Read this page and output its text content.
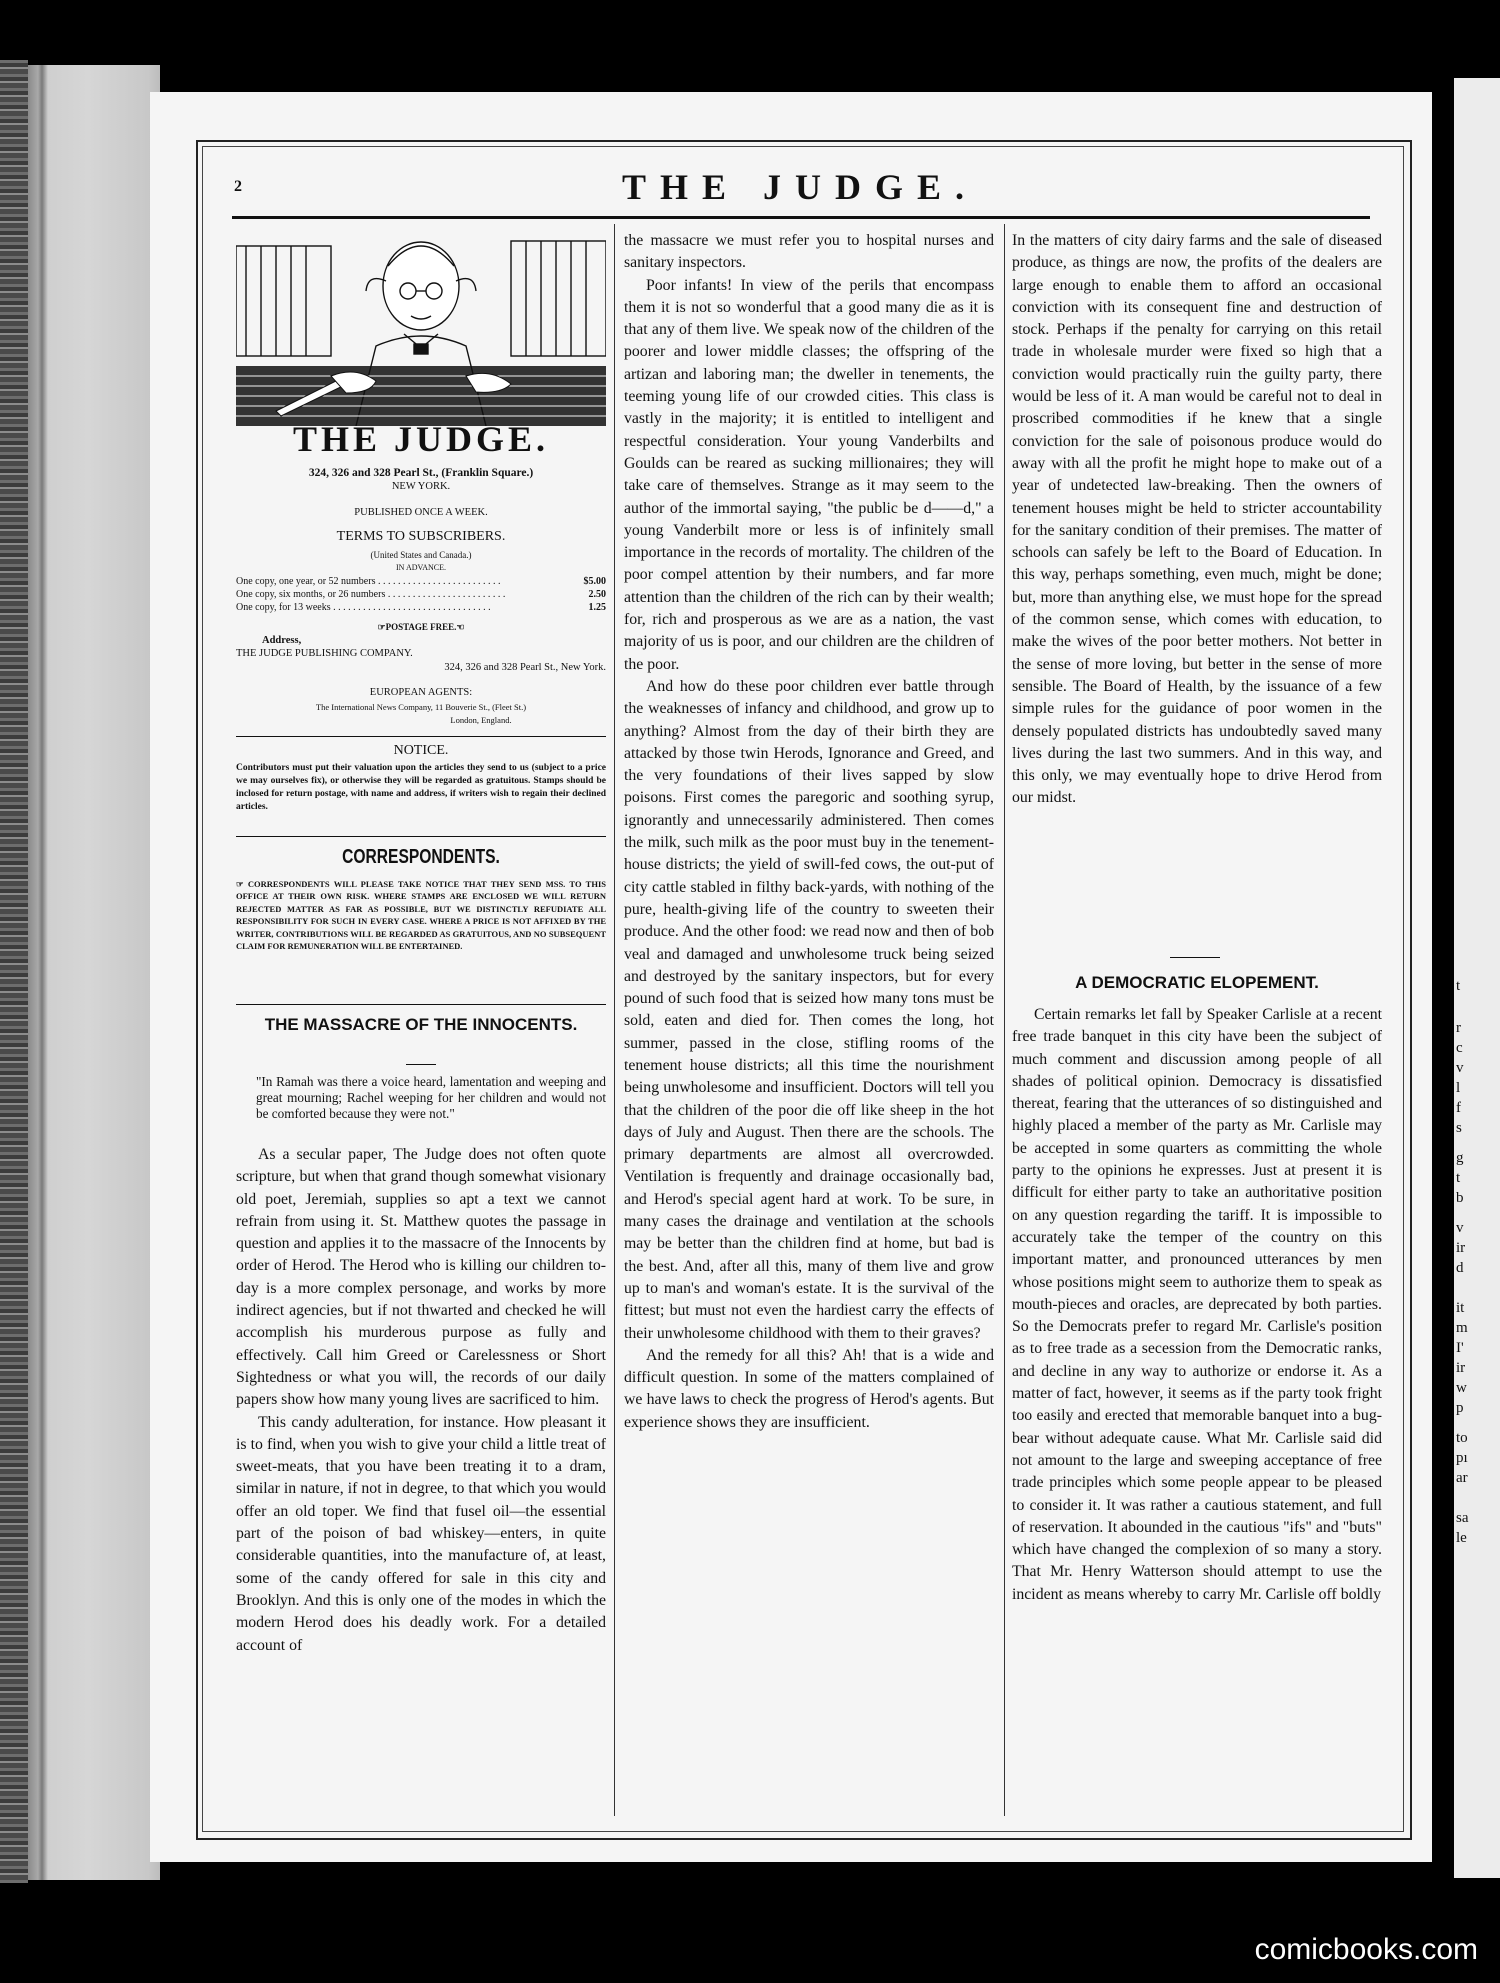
t
r
c
v
l
f
s
g
t
b
v
ir
d
it
m
I'
ir
w
p
to
pı
ar
sa
le
2	THE JUDGE.
THE JUDGE.
324, 326 and 328 Pearl St., (Franklin Square.)
NEW YORK.
PUBLISHED ONCE A WEEK.
TERMS TO SUBSCRIBERS.
(United States and Canada.)
IN ADVANCE.
One copy, one year, or 52 numbers . . . . . . . . . . . . . . . . . . . . . . . . .	$5.00
One copy, six months, or 26 numbers . . . . . . . . . . . . . . . . . . . . . . . .	2.50
One copy, for 13 weeks . . . . . . . . . . . . . . . . . . . . . . . . . . . . . . . .	1.25
☞POSTAGE FREE.☜
Address,
THE JUDGE PUBLISHING COMPANY.
324, 326 and 328 Pearl St., New York.
EUROPEAN AGENTS:
The International News Company, 11 Bouverie St., (Fleet St.)
London, England.
NOTICE.
Contributors must put their valuation upon the articles they send to us (subject to a price we may ourselves fix), or otherwise they will be regarded as gratuitous. Stamps should be inclosed for return postage, with name and address, if writers wish to regain their declined articles.
CORRESPONDENTS.
☞ CORRESPONDENTS WILL PLEASE TAKE NOTICE THAT THEY SEND MSS. TO THIS OFFICE AT THEIR OWN RISK. WHERE STAMPS ARE ENCLOSED WE WILL RETURN REJECTED MATTER AS FAR AS POSSIBLE, BUT WE DISTINCTLY REFUDIATE ALL RESPONSIBILITY FOR SUCH IN EVERY CASE. WHERE A PRICE IS NOT AFFIXED BY THE WRITER, CONTRIBUTIONS WILL BE REGARDED AS GRATUITOUS, AND NO SUBSEQUENT CLAIM FOR REMUNERATION WILL BE ENTERTAINED.
THE MASSACRE OF THE INNOCENTS.
"In Ramah was there a voice heard, lamentation and weeping and great mourning; Rachel weeping for her children and would not be comforted because they were not."

As a secular paper, The Judge does not often quote scripture, but when that grand though somewhat visionary old poet, Jeremiah, supplies so apt a text we cannot refrain from using it. St. Matthew quotes the passage in question and applies it to the massacre of the Innocents by order of Herod. The Herod who is killing our children to-day is a more complex personage, and works by more indirect agencies, but if not thwarted and checked he will accomplish his murderous purpose as fully and effectively. Call him Greed or Carelessness or Short Sightedness or what you will, the records of our daily papers show how many young lives are sacrificed to him.

This candy adulteration, for instance. How pleasant it is to find, when you wish to give your child a little treat of sweet-meats, that you have been treating it to a dram, similar in nature, if not in degree, to that which you would offer an old toper. We find that fusel oil—the essential part of the poison of bad whiskey—enters, in quite considerable quantities, into the manufacture of, at least, some of the candy offered for sale in this city and Brooklyn. And this is only one of the modes in which the modern Herod does his deadly work. For a detailed account of

the massacre we must refer you to hospital nurses and sanitary inspectors.

Poor infants! In view of the perils that encompass them it is not so wonderful that a good many die as it is that any of them live. We speak now of the children of the poorer and lower middle classes; the offspring of the artizan and laboring man; the dweller in tenements, the teeming young life of our crowded cities. This class is vastly in the majority; it is entitled to intelligent and respectful consideration. Your young Vanderbilts and Goulds can be reared as sucking millionaires; they will take care of themselves. Strange as it may seem to the author of the immortal saying, "the public be d——d," a young Vanderbilt more or less is of infinitely small importance in the records of mortality. The children of the poor compel attention by their numbers, and far more attention than the children of the rich can by their wealth; for, rich and prosperous as we are as a nation, the vast majority of us is poor, and our children are the children of the poor.

And how do these poor children ever battle through the weaknesses of infancy and childhood, and grow up to anything? Almost from the day of their birth they are attacked by those twin Herods, Ignorance and Greed, and the very foundations of their lives sapped by slow poisons. First comes the paregoric and soothing syrup, ignorantly and unnecessarily administered. Then comes the milk, such milk as the poor must buy in the tenement-house districts; the yield of swill-fed cows, the out-put of city cattle stabled in filthy back-yards, with nothing of the pure, health-giving life of the country to sweeten their produce. And the other food: we read now and then of bob veal and damaged and unwholesome truck being seized and destroyed by the sanitary inspectors, but for every pound of such food that is seized how many tons must be sold, eaten and died for. Then comes the long, hot summer, passed in the close, stifling rooms of the tenement house districts; all this time the nourishment being unwholesome and insufficient. Doctors will tell you that the children of the poor die off like sheep in the hot days of July and August. Then there are the schools. The primary departments are almost all overcrowded. Ventilation is frequently and drainage occasionally bad, and Herod's special agent hard at work. To be sure, in many cases the drainage and ventilation at the schools may be better than the children find at home, but bad is the best. And, after all this, many of them live and grow up to man's and woman's estate. It is the survival of the fittest; but must not even the hardiest carry the effects of their unwholesome childhood with them to their graves?

And the remedy for all this? Ah! that is a wide and difficult question. In some of the matters complained of we have laws to check the progress of Herod's agents. But experience shows they are insufficient.

In the matters of city dairy farms and the sale of diseased produce, as things are now, the profits of the dealers are large enough to enable them to afford an occasional conviction with its consequent fine and destruction of stock. Perhaps if the penalty for carrying on this retail trade in wholesale murder were fixed so high that a conviction would practically ruin the guilty party, there would be less of it. A man would be careful not to deal in proscribed commodities if he knew that a single conviction for the sale of poisonous produce would do away with all the profit he might hope to make out of a year of undetected law-breaking. Then the owners of tenement houses might be held to stricter accountability for the sanitary condition of their premises. The matter of schools can safely be left to the Board of Education. In this way, perhaps something, even much, might be done; but, more than anything else, we must hope for the spread of the common sense, which comes with education, to make the wives of the poor better mothers. Not better in the sense of more loving, but better in the sense of more sensible. The Board of Health, by the issuance of a few simple rules for the guidance of poor women in the densely populated districts has undoubtedly saved many lives during the last two summers. And in this way, and this only, we may eventually hope to drive Herod from our midst.

A DEMOCRATIC ELOPEMENT.

Certain remarks let fall by Speaker Carlisle at a recent free trade banquet in this city have been the subject of much comment and discussion among people of all shades of political opinion. Democracy is dissatisfied thereat, fearing that the utterances of so distinguished and highly placed a member of the party as Mr. Carlisle may be accepted in some quarters as committing the whole party to the opinions he expresses. Just at present it is difficult for either party to take an authoritative position on any question regarding the tariff. It is impossible to accurately take the temper of the country on this important matter, and pronounced utterances by men whose positions might seem to authorize them to speak as mouth-pieces and oracles, are deprecated by both parties. So the Democrats prefer to regard Mr. Carlisle's position as to free trade as a secession from the Democratic ranks, and decline in any way to authorize or endorse it. As a matter of fact, however, it seems as if the party took fright too easily and erected that memorable banquet into a bug-bear without adequate cause. What Mr. Carlisle said did not amount to the large and sweeping acceptance of free trade principles which some people appear to be pleased to consider it. It was rather a cautious statement, and full of reservation. It abounded in the cautious "ifs" and "buts" which have changed the complexion of so many a story. That Mr. Henry Watterson should attempt to use the incident as means whereby to carry Mr. Carlisle off boldly

comicbooks.com
